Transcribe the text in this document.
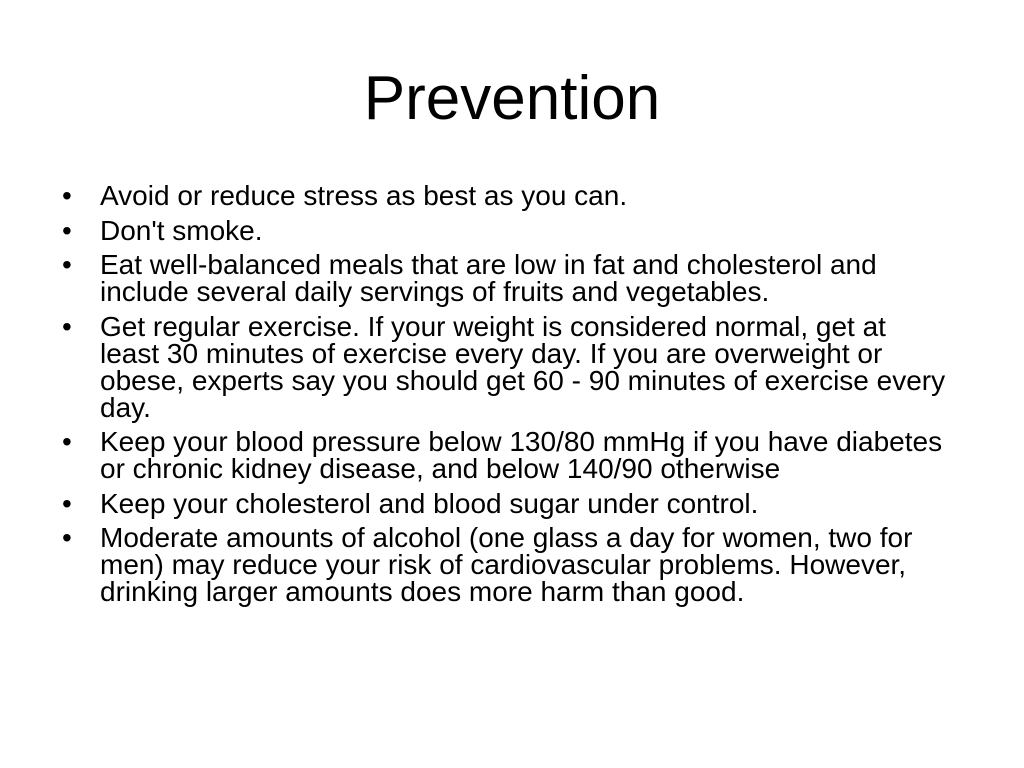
Prevention
• Avoid or reduce stress as best as you can.
• Don't smoke.
• Eat well-balanced meals that are low in fat and cholesterol and
include several daily servings of fruits and vegetables.
• Get regular exercise. If your weight is considered normal, get at
least 30 minutes of exercise every day. If you are overweight or
obese, experts say you should get 60 - 90 minutes of exercise every
day.
• Keep your blood pressure below 130/80 mmHg if you have diabetes
or chronic kidney disease, and below 140/90 otherwise
• Keep your cholesterol and blood sugar under control.
• Moderate amounts of alcohol (one glass a day for women, two for
men) may reduce your risk of cardiovascular problems. However,
drinking larger amounts does more harm than good.
